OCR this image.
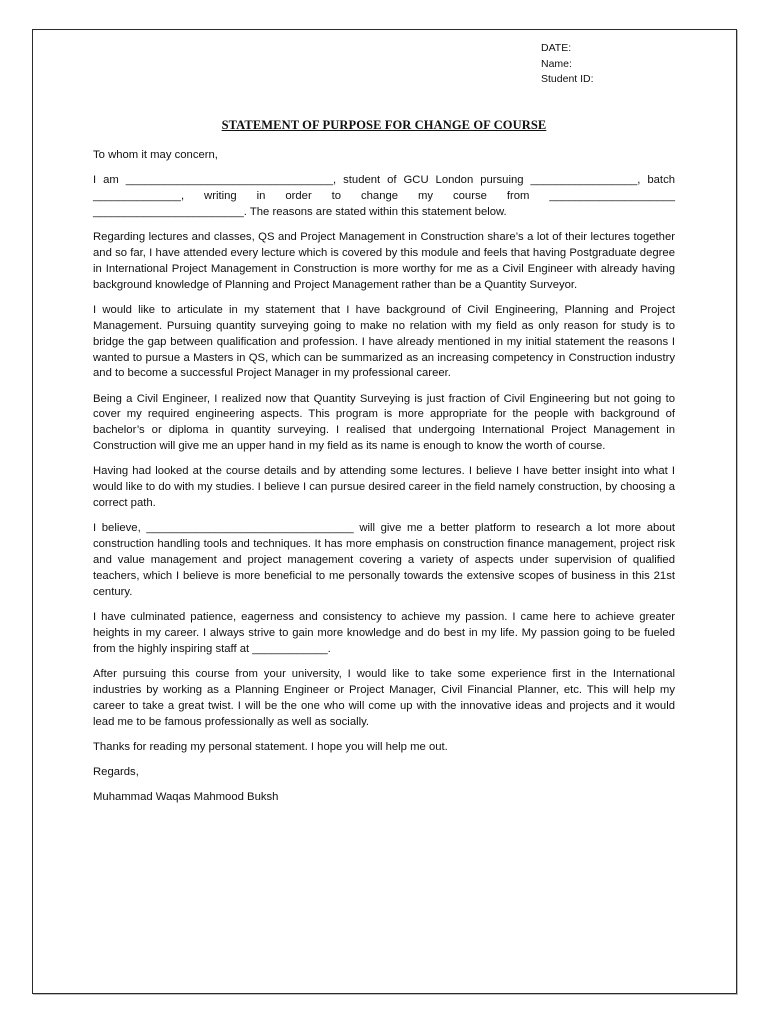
DATE:
Name:
Student ID:
STATEMENT OF PURPOSE FOR CHANGE OF COURSE

To whom it may concern,

I am _________________________________, student of GCU London pursuing _________________, batch ______________, writing in order to change my course from ____________________ ________________________. The reasons are stated within this statement below.

Regarding lectures and classes, QS and Project Management in Construction share’s a lot of their lectures together and so far, I have attended every lecture which is covered by this module and feels that having Postgraduate degree in International Project Management in Construction is more worthy for me as a Civil Engineer with already having background knowledge of Planning and Project Management rather than be a Quantity Surveyor.

I would like to articulate in my statement that I have background of Civil Engineering, Planning and Project Management. Pursuing quantity surveying going to make no relation with my field as only reason for study is to bridge the gap between qualification and profession. I have already mentioned in my initial statement the reasons I wanted to pursue a Masters in QS, which can be summarized as an increasing competency in Construction industry and to become a successful Project Manager in my professional career.

Being a Civil Engineer, I realized now that Quantity Surveying is just fraction of Civil Engineering but not going to cover my required engineering aspects. This program is more appropriate for the people with background of bachelor’s or diploma in quantity surveying. I realised that undergoing International Project Management in Construction will give me an upper hand in my field as its name is enough to know the worth of course.

Having had looked at the course details and by attending some lectures. I believe I have better insight into what I would like to do with my studies. I believe I can pursue desired career in the field namely construction, by choosing a correct path.

I believe, _________________________________ will give me a better platform to research a lot more about construction handling tools and techniques. It has more emphasis on construction finance management, project risk and value management and project management covering a variety of aspects under supervision of qualified teachers, which I believe is more beneficial to me personally towards the extensive scopes of business in this 21st century.

I have culminated patience, eagerness and consistency to achieve my passion. I came here to achieve greater heights in my career. I always strive to gain more knowledge and do best in my life. My passion going to be fueled from the highly inspiring staff at ____________.

After pursuing this course from your university, I would like to take some experience first in the International industries by working as a Planning Engineer or Project Manager, Civil Financial Planner, etc. This will help my career to take a great twist. I will be the one who will come up with the innovative ideas and projects and it would lead me to be famous professionally as well as socially.

Thanks for reading my personal statement. I hope you will help me out.

Regards,

Muhammad Waqas Mahmood Buksh
